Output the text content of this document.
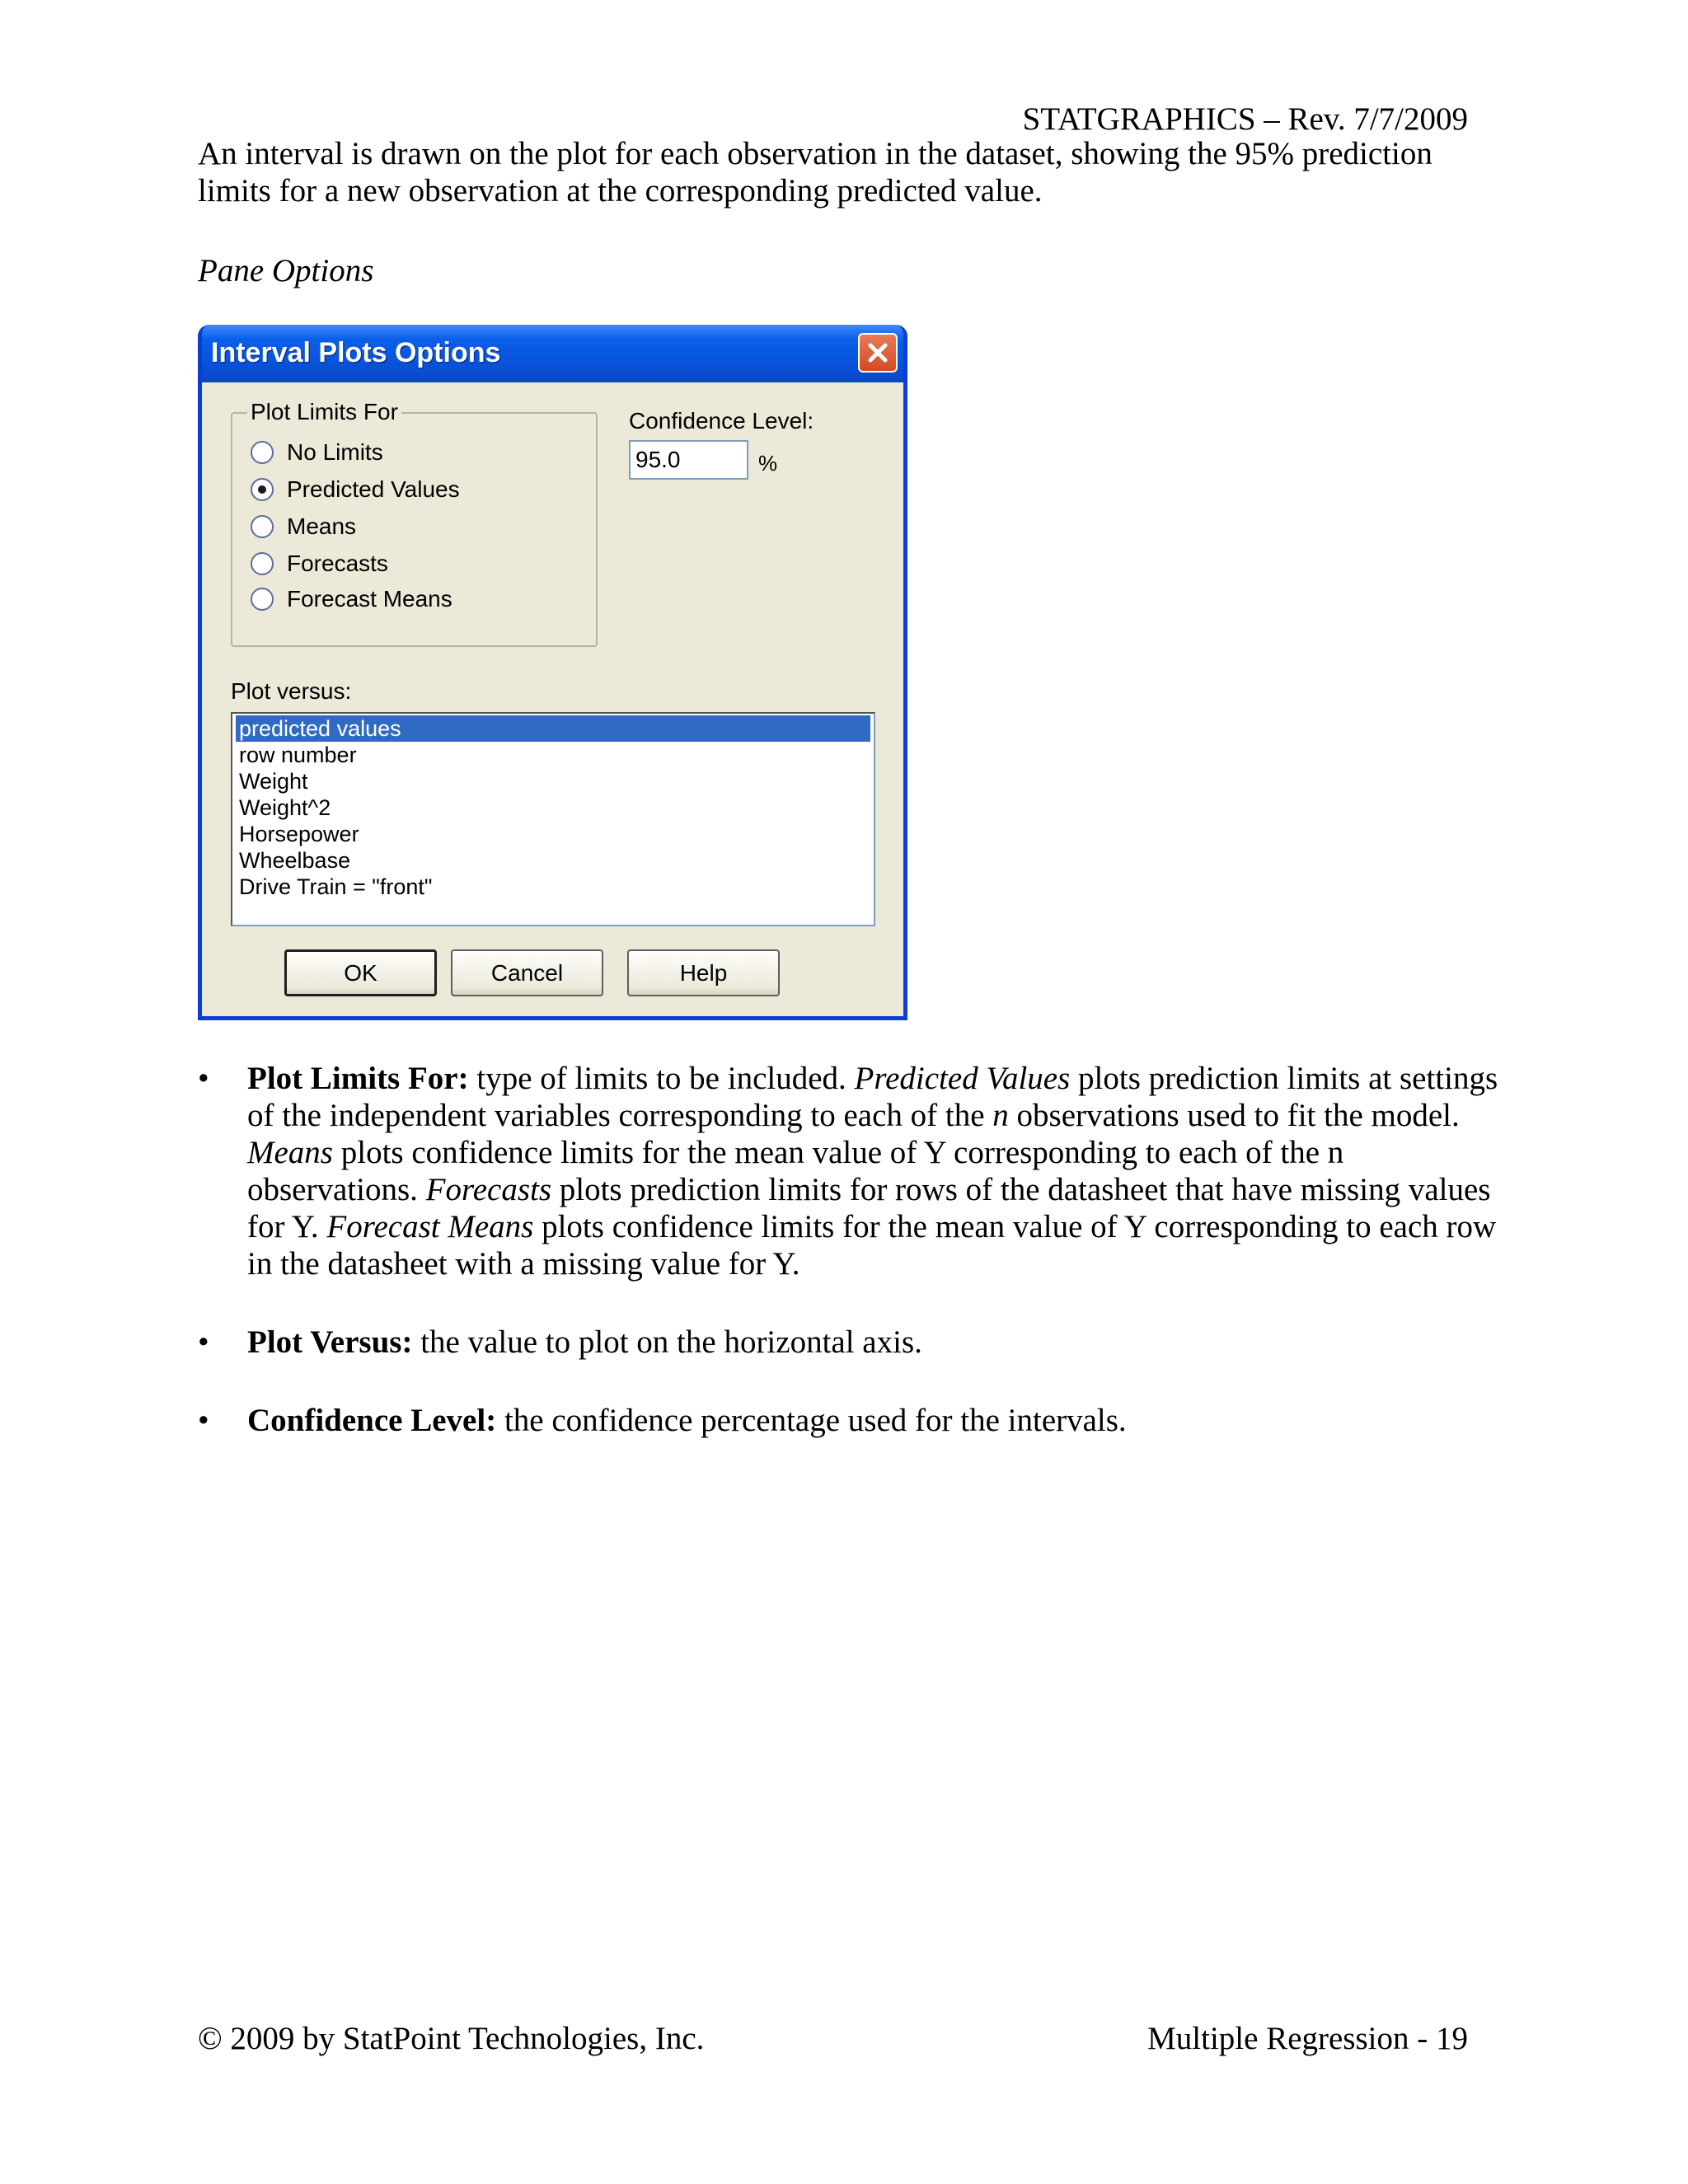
STATGRAPHICS – Rev. 7/7/2009

An interval is drawn on the plot for each observation in the dataset, showing the 95% prediction limits for a new observation at the corresponding predicted value.

Pane Options
Interval Plots Options
Plot Limits For
No Limits
Predicted Values
Means
Forecasts
Forecast Means
Confidence Level:
95.0
%
Plot versus:
predicted values
row number
Weight
Weight^2
Horsepower
Wheelbase
Drive Train = "front"
OK	Cancel	Help
• Plot Limits For: type of limits to be included. Predicted Values plots prediction limits at settings of the independent variables corresponding to each of the n observations used to fit the model. Means plots confidence limits for the mean value of Y corresponding to each of the n observations. Forecasts plots prediction limits for rows of the datasheet that have missing values for Y. Forecast Means plots confidence limits for the mean value of Y corresponding to each row in the datasheet with a missing value for Y.
• Plot Versus: the value to plot on the horizontal axis.
• Confidence Level: the confidence percentage used for the intervals.
© 2009 by StatPoint Technologies, Inc.	Multiple Regression - 19
